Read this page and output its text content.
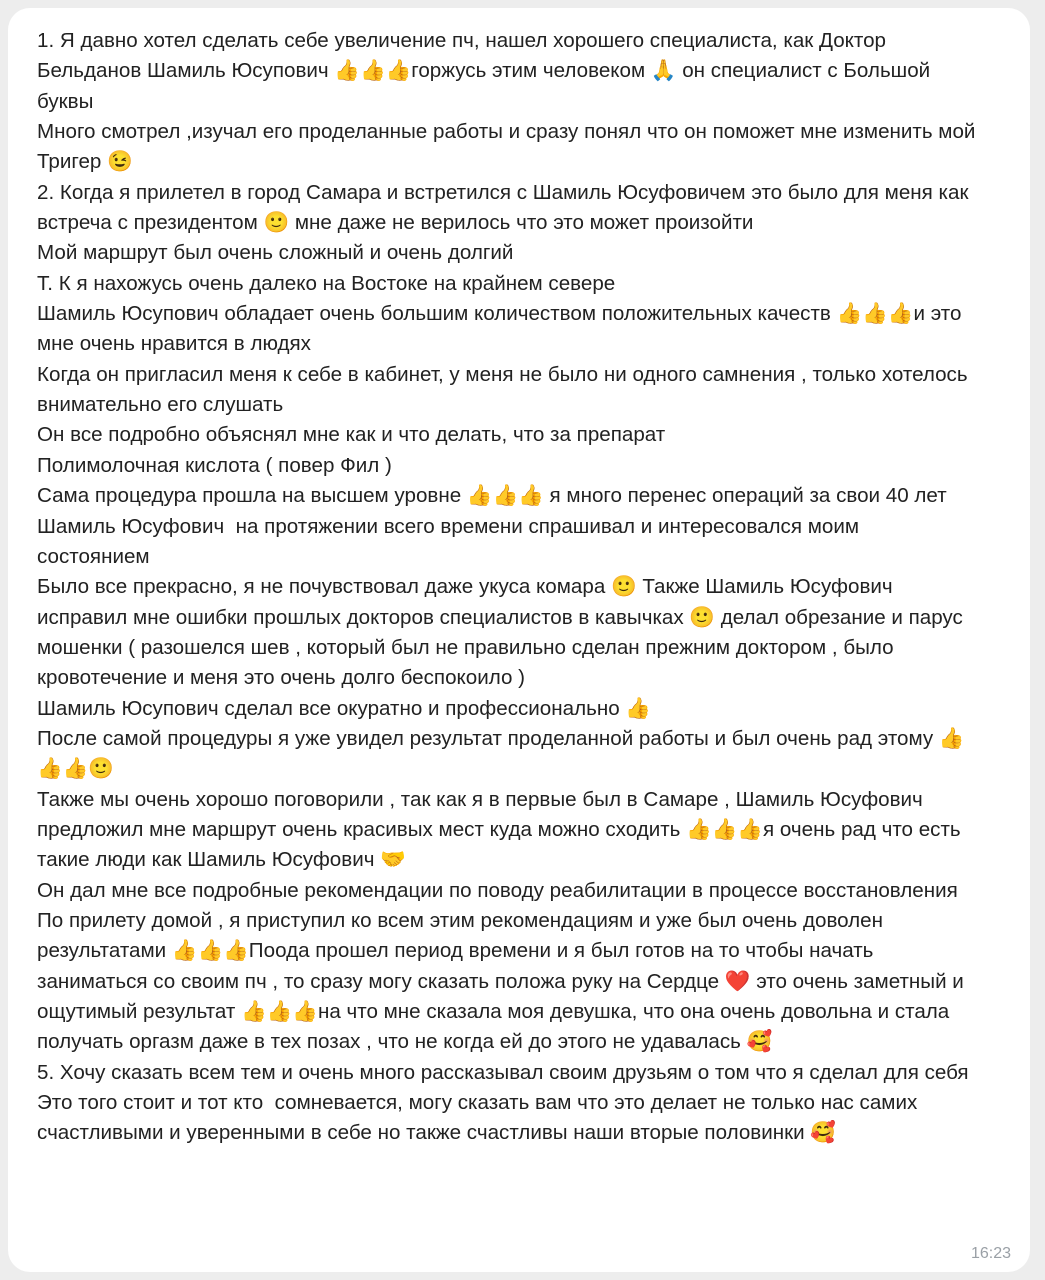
1. Я давно хотел сделать себе увеличение пч, нашел хорошего специалиста, как Доктор Бельданов Шамиль Юсупович 👍👍👍горжусь этим человеком 🙏 он специалист с Большой буквы
Много смотрел ,изучал его проделанные работы и сразу понял что он поможет мне изменить мой Тригер 😉
2. Когда я прилетел в город Самара и встретился с Шамиль Юсуфовичем это было для меня как встреча с президентом 🙂 мне даже не верилось что это может произойти
Мой маршрут был очень сложный и очень долгий
Т. К я нахожусь очень далеко на Востоке на крайнем севере
Шамиль Юсупович обладает очень большим количеством положительных качеств 👍👍👍и это мне очень нравится в людях
Когда он пригласил меня к себе в кабинет, у меня не было ни одного самнения , только хотелось внимательно его слушать
Он все подробно объяснял мне как и что делать, что за препарат
Полимолочная кислота ( повер Фил )
Сама процедура прошла на высшем уровне 👍👍👍 я много перенес операций за свои 40 лет
Шамиль Юсуфович  на протяжении всего времени спрашивал и интересовался моим состоянием
Было все прекрасно, я не почувствовал даже укуса комара 🙂 Также Шамиль Юсуфович исправил мне ошибки прошлых докторов специалистов в кавычках 🙂 делал обрезание и парус мошенки ( разошелся шев , который был не правильно сделан прежним доктором , было кровотечение и меня это очень долго беспокоило )
Шамиль Юсупович сделал все окуратно и профессионально 👍
После самой процедуры я уже увидел результат проделанной работы и был очень рад этому 👍👍👍🙂
Также мы очень хорошо поговорили , так как я в первые был в Самаре , Шамиль Юсуфович предложил мне маршрут очень красивых мест куда можно сходить 👍👍👍я очень рад что есть такие люди как Шамиль Юсуфович 🤝
Он дал мне все подробные рекомендации по поводу реабилитации в процессе восстановления
По прилету домой , я приступил ко всем этим рекомендациям и уже был очень доволен результатами 👍👍👍Поода прошел период времени и я был готов на то чтобы начать заниматься со своим пч , то сразу могу сказать положа руку на Сердце ❤️ это очень заметный и ощутимый результат 👍👍👍на что мне сказала моя девушка, что она очень довольна и стала получать оргазм даже в тех позах , что не когда ей до этого не удавалась 🥰
5. Хочу сказать всем тем и очень много рассказывал своим друзьям о том что я сделал для себя
Это того стоит и тот кто  сомневается, могу сказать вам что это делает не только нас самих счастливыми и уверенными в себе но также счастливы наши вторые половинки 🥰

16:23
